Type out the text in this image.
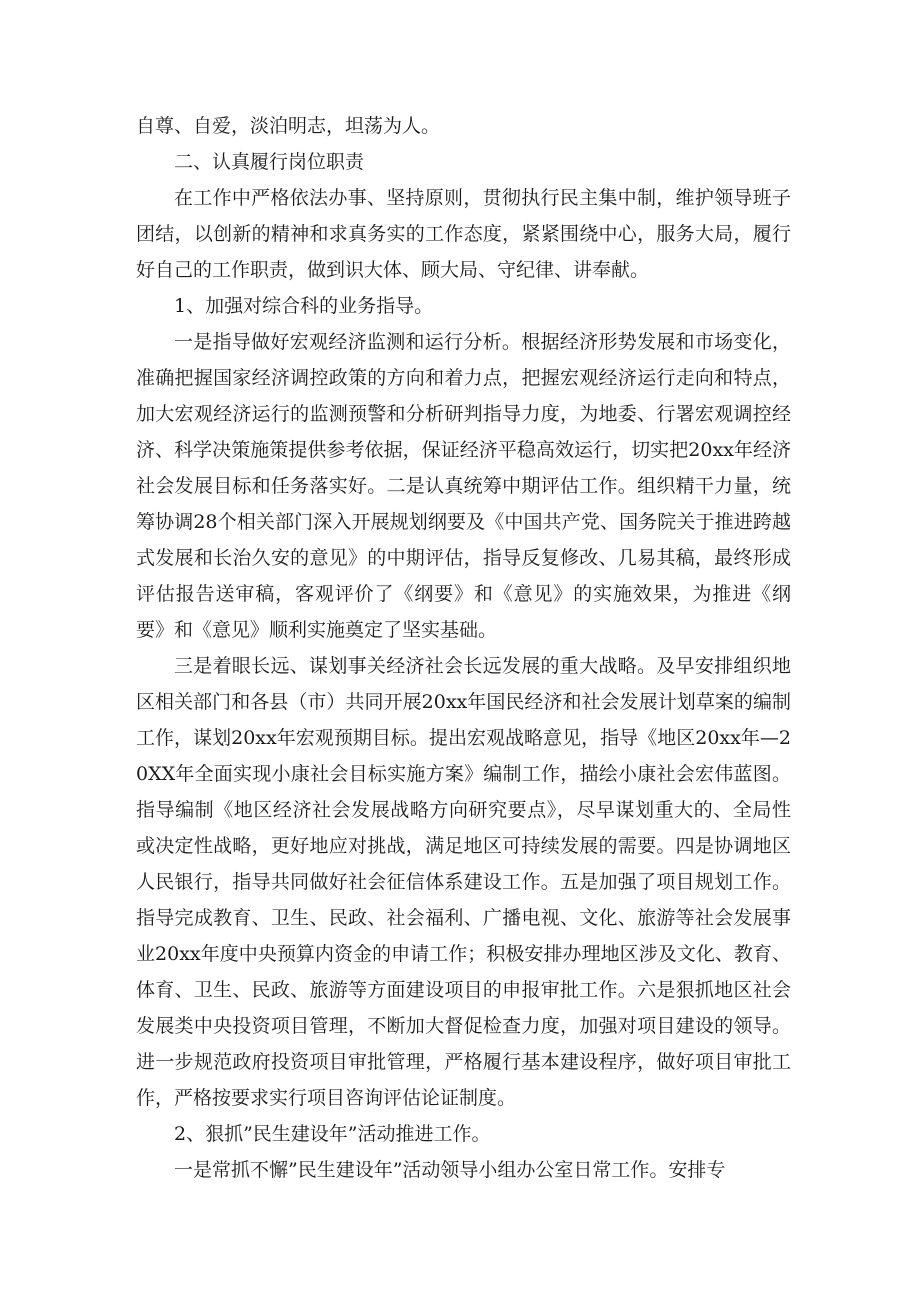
自尊、自爱，淡泊明志，坦荡为人。

二、认真履行岗位职责

在工作中严格依法办事、坚持原则，贯彻执行民主集中制，维护领导班子团结，以创新的精神和求真务实的工作态度，紧紧围绕中心，服务大局，履行好自己的工作职责，做到识大体、顾大局、守纪律、讲奉献。

1、加强对综合科的业务指导。

一是指导做好宏观经济监测和运行分析。根据经济形势发展和市场变化，准确把握国家经济调控政策的方向和着力点，把握宏观经济运行走向和特点，加大宏观经济运行的监测预警和分析研判指导力度，为地委、行署宏观调控经济、科学决策施策提供参考依据，保证经济平稳高效运行，切实把20xx年经济社会发展目标和任务落实好。二是认真统筹中期评估工作。组织精干力量，统筹协调28个相关部门深入开展规划纲要及《中国共产党、国务院关于推进跨越式发展和长治久安的意见》的中期评估，指导反复修改、几易其稿，最终形成评估报告送审稿，客观评价了《纲要》和《意见》的实施效果，为推进《纲要》和《意见》顺利实施奠定了坚实基础。

三是着眼长远、谋划事关经济社会长远发展的重大战略。及早安排组织地区相关部门和各县（市）共同开展20xx年国民经济和社会发展计划草案的编制工作，谋划20xx年宏观预期目标。提出宏观战略意见，指导《地区20xx年—20XX年全面实现小康社会目标实施方案》编制工作，描绘小康社会宏伟蓝图。指导编制《地区经济社会发展战略方向研究要点》，尽早谋划重大的、全局性或决定性战略，更好地应对挑战，满足地区可持续发展的需要。四是协调地区人民银行，指导共同做好社会征信体系建设工作。五是加强了项目规划工作。指导完成教育、卫生、民政、社会福利、广播电视、文化、旅游等社会发展事业20xx年度中央预算内资金的申请工作；积极安排办理地区涉及文化、教育、体育、卫生、民政、旅游等方面建设项目的申报审批工作。六是狠抓地区社会发展类中央投资项目管理，不断加大督促检查力度，加强对项目建设的领导。进一步规范政府投资项目审批管理，严格履行基本建设程序，做好项目审批工作，严格按要求实行项目咨询评估论证制度。

2、狠抓”民生建设年”活动推进工作。

一是常抓不懈”民生建设年”活动领导小组办公室日常工作。安排专
